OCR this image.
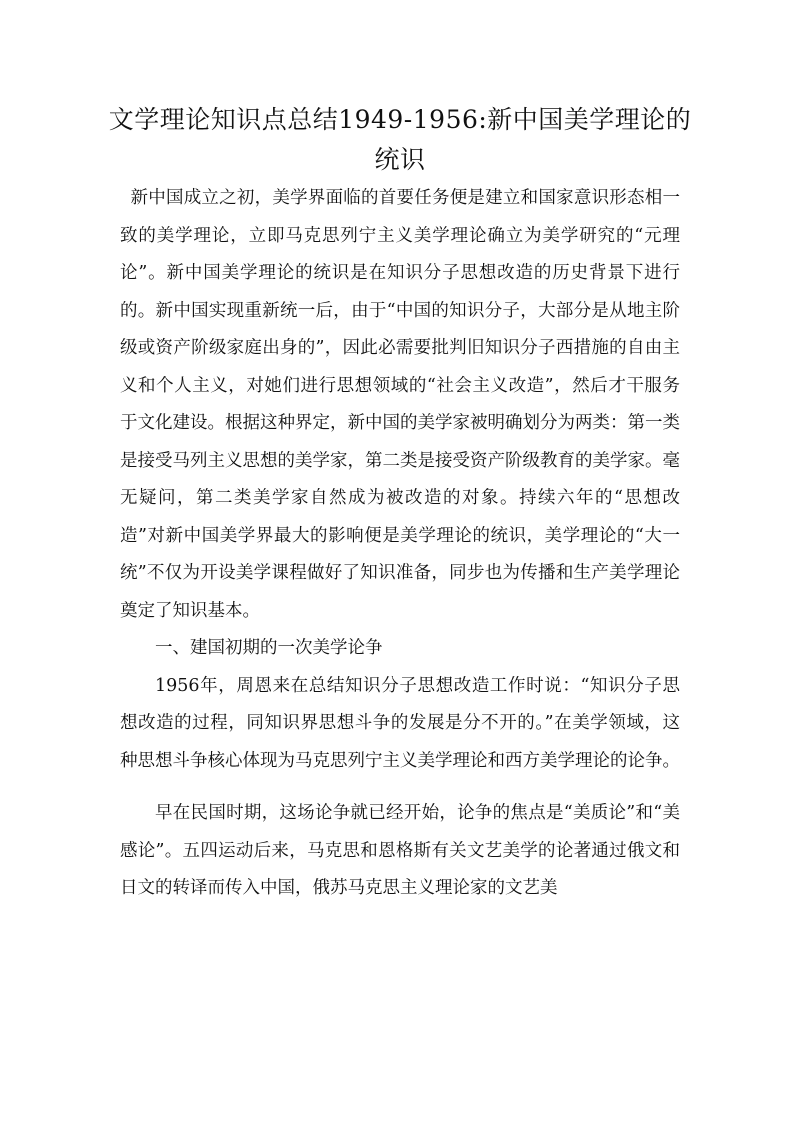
文学理论知识点总结1949-1956:新中国美学理论的统识

新中国成立之初，美学界面临的首要任务便是建立和国家意识形态相一致的美学理论，立即马克思列宁主义美学理论确立为美学研究的“元理论”。新中国美学理论的统识是在知识分子思想改造的历史背景下进行的。新中国实现重新统一后，由于“中国的知识分子，大部分是从地主阶级或资产阶级家庭出身的”，因此必需要批判旧知识分子西措施的自由主义和个人主义，对她们进行思想领域的“社会主义改造”，然后才干服务于文化建设。根据这种界定，新中国的美学家被明确划分为两类：第一类是接受马列主义思想的美学家，第二类是接受资产阶级教育的美学家。毫无疑问，第二类美学家自然成为被改造的对象。持续六年的“思想改造”对新中国美学界最大的影响便是美学理论的统识，美学理论的“大一统”不仅为开设美学课程做好了知识准备，同步也为传播和生产美学理论奠定了知识基本。

一、建国初期的一次美学论争

1956年，周恩来在总结知识分子思想改造工作时说：“知识分子思想改造的过程，同知识界思想斗争的发展是分不开的。”在美学领域，这种思想斗争核心体现为马克思列宁主义美学理论和西方美学理论的论争。

早在民国时期，这场论争就已经开始，论争的焦点是“美质论”和“美感论”。五四运动后来，马克思和恩格斯有关文艺美学的论著通过俄文和日文的转译而传入中国，俄苏马克思主义理论家的文艺美
